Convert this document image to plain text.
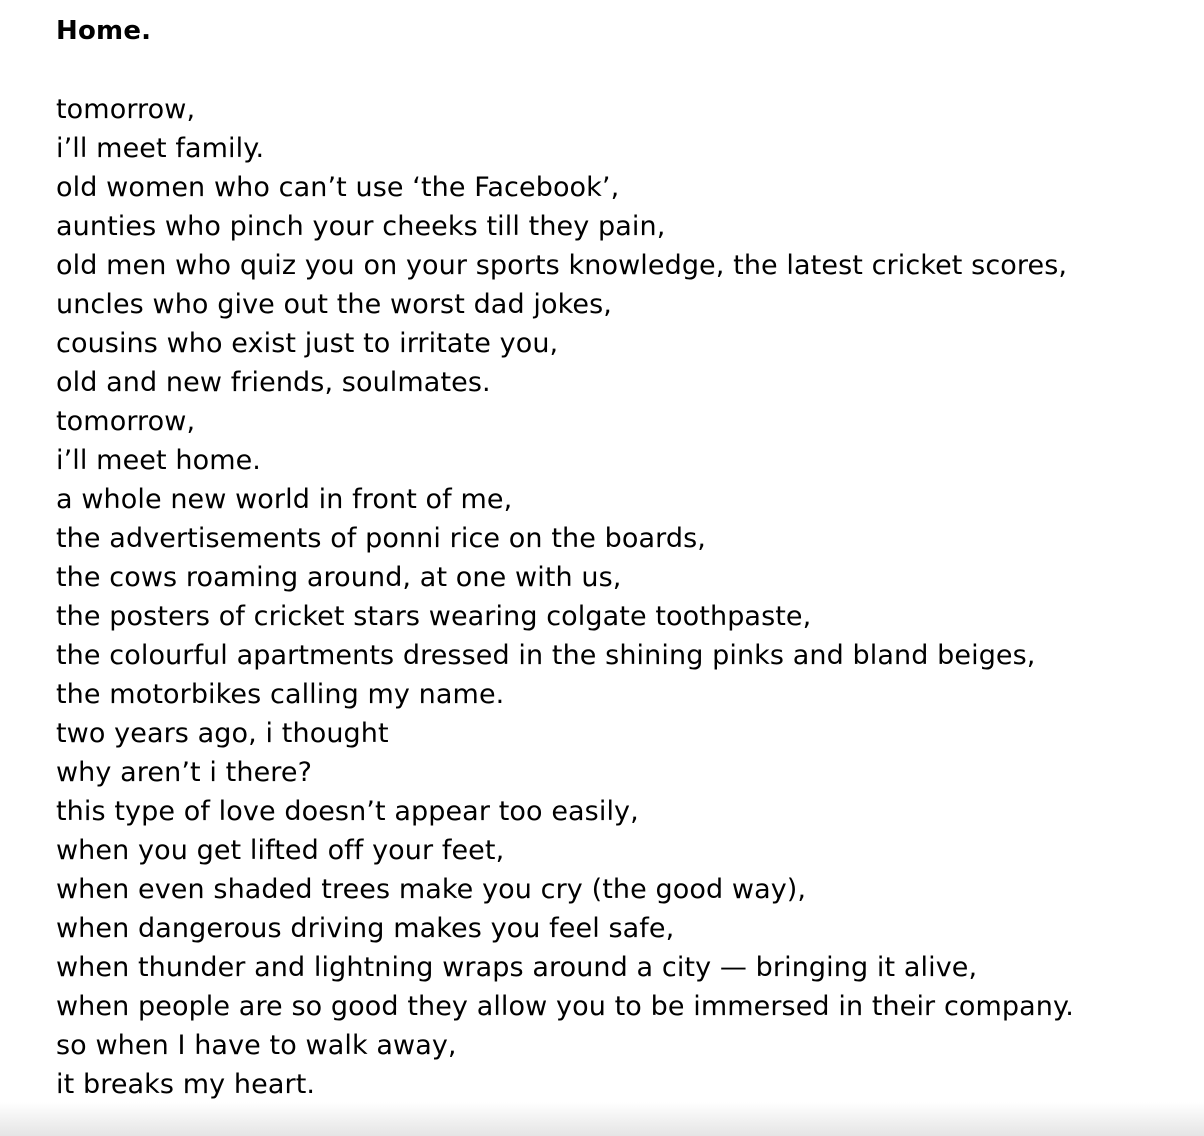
Home.
tomorrow,
i’ll meet family.
old women who can’t use ‘the Facebook’,
aunties who pinch your cheeks till they pain,
old men who quiz you on your sports knowledge, the latest cricket scores,
uncles who give out the worst dad jokes,
cousins who exist just to irritate you,
old and new friends, soulmates.
tomorrow,
i’ll meet home.
a whole new world in front of me,
the advertisements of ponni rice on the boards,
the cows roaming around, at one with us,
the posters of cricket stars wearing colgate toothpaste,
the colourful apartments dressed in the shining pinks and bland beiges,
the motorbikes calling my name.
two years ago, i thought
why aren’t i there?
this type of love doesn’t appear too easily,
when you get lifted off your feet,
when even shaded trees make you cry (the good way),
when dangerous driving makes you feel safe,
when thunder and lightning wraps around a city — bringing it alive,
when people are so good they allow you to be immersed in their company.
so when I have to walk away,
it breaks my heart.
